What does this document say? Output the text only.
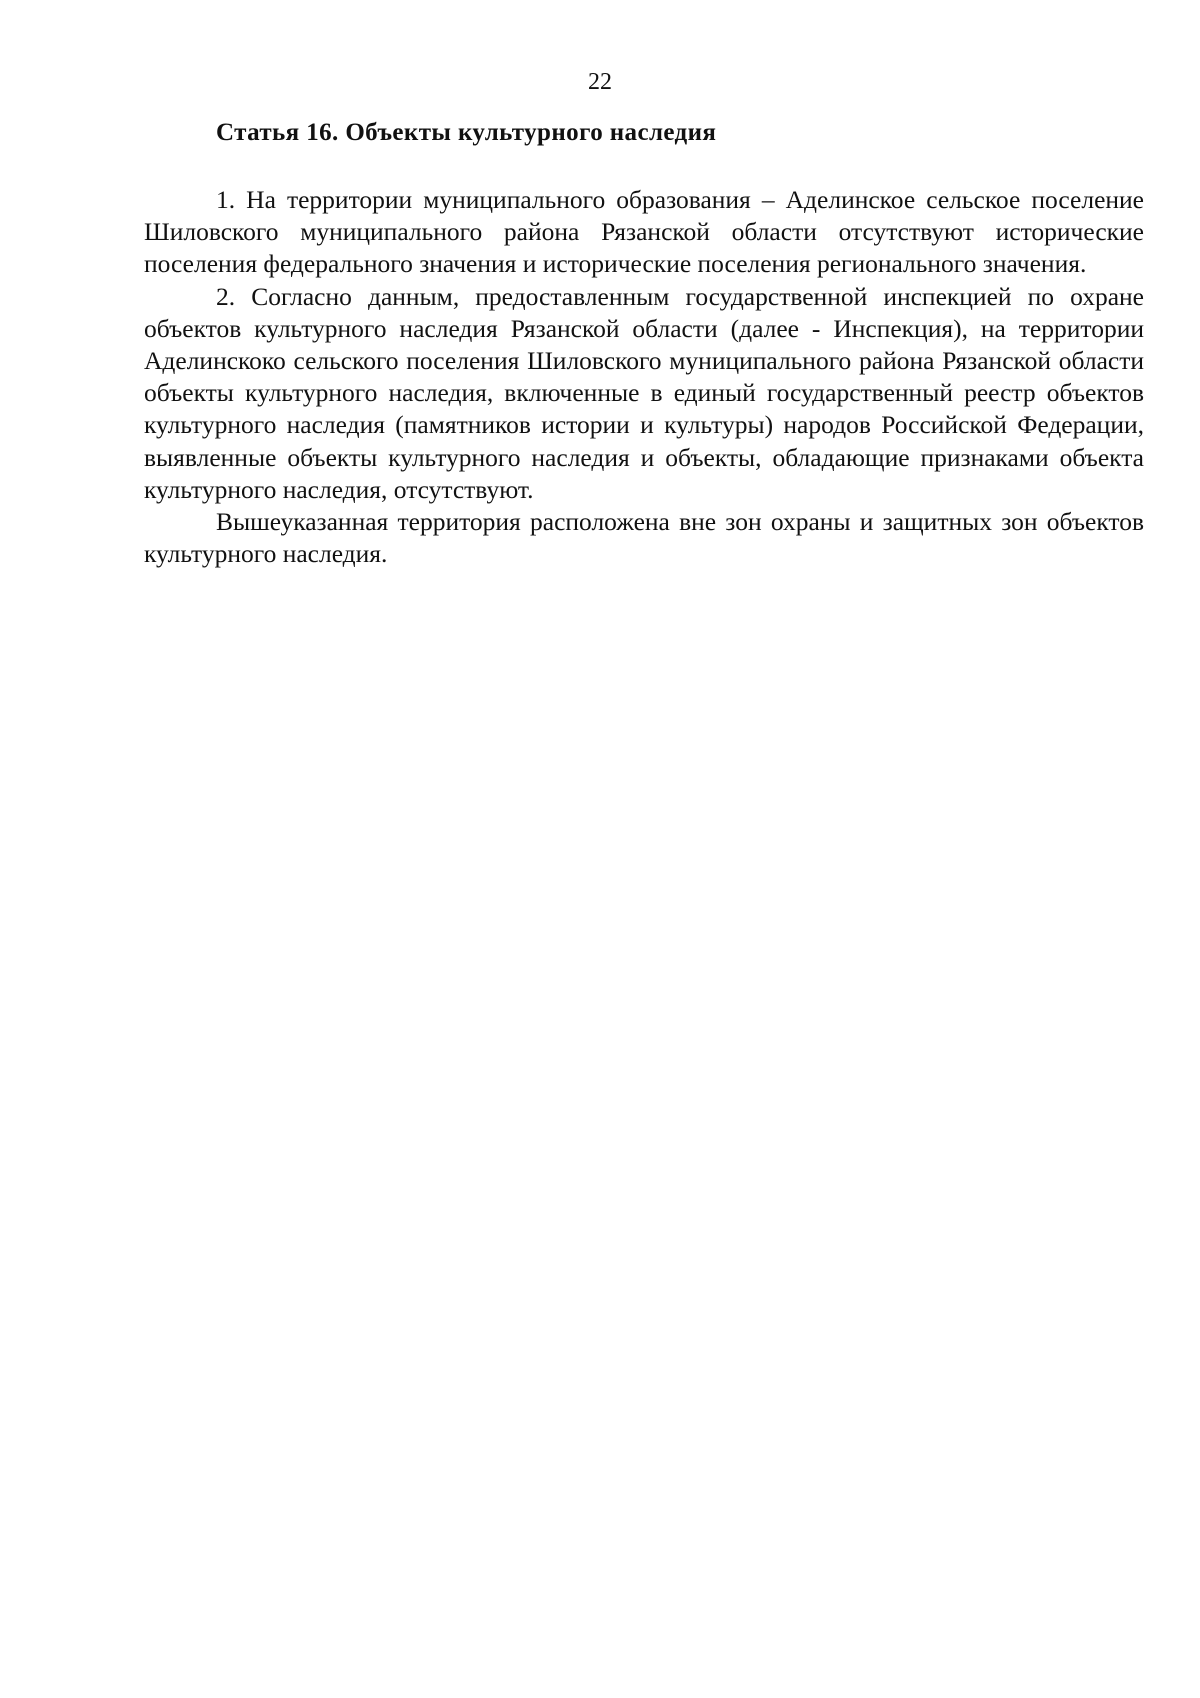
22
Статья 16. Объекты культурного наследия

1. На территории муниципального образования – Аделинское сельское поселение Шиловского муниципального района Рязанской области отсутствуют исторические поселения федерального значения и исторические поселения регионального значения.

2. Согласно данным, предоставленным государственной инспекцией по охране объектов культурного наследия Рязанской области (далее - Инспекция), на территории Аделинскоко сельского поселения Шиловского муниципального района Рязанской области объекты культурного наследия, включенные в единый государственный реестр объектов культурного наследия (памятников истории и культуры) народов Российской Федерации, выявленные объекты культурного наследия и объекты, обладающие признаками объекта культурного наследия, отсутствуют.

Вышеуказанная территория расположена вне зон охраны и защитных зон объектов культурного наследия.
